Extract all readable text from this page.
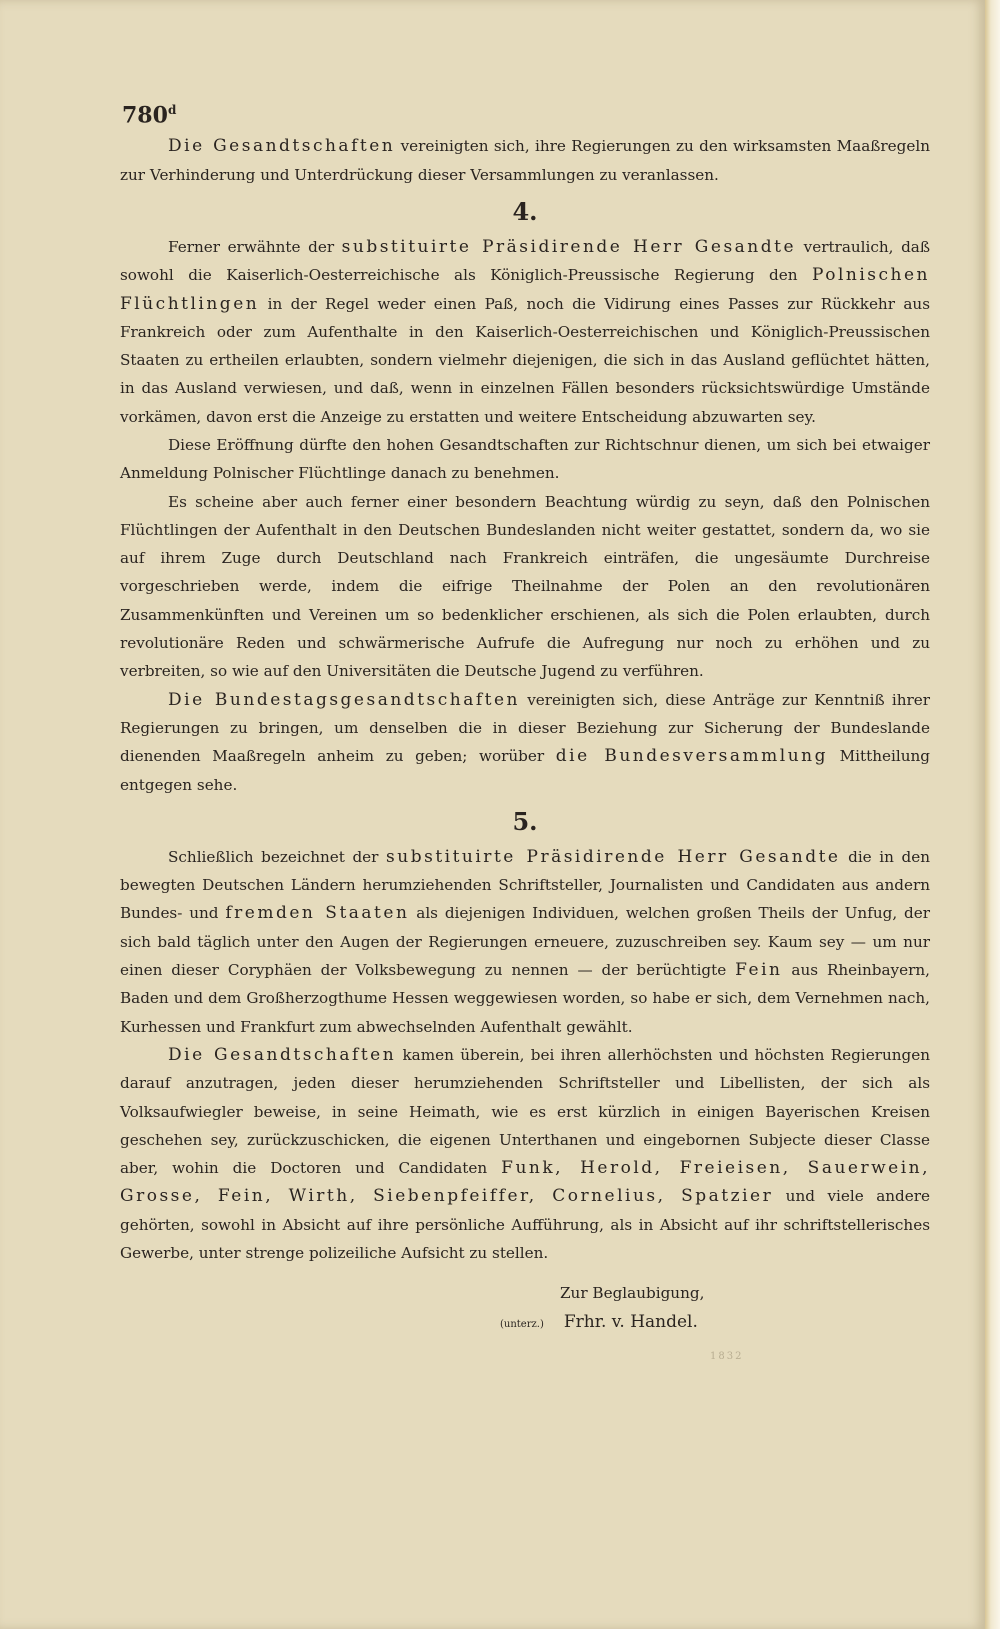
780$^d$

Die Gesandtschaften vereinigten sich, ihre Regierungen zu den wirksamsten Maaßregeln zur Verhinderung und Unterdrückung dieser Versammlungen zu veranlassen.

4.

Ferner erwähnte der substituirte Präsidirende Herr Gesandte vertraulich, daß sowohl die Kaiserlich-Oesterreichische als Königlich-Preussische Regierung den Polnischen Flüchtlingen in der Regel weder einen Paß, noch die Vidirung eines Passes zur Rückkehr aus Frankreich oder zum Aufenthalte in den Kaiserlich-Oesterreichischen und Königlich-Preussischen Staaten zu ertheilen erlaubten, sondern vielmehr diejenigen, die sich in das Ausland geflüchtet hätten, in das Ausland verwiesen, und daß, wenn in einzelnen Fällen besonders rücksichtswürdige Umstände vorkämen, davon erst die Anzeige zu erstatten und weitere Entscheidung abzuwarten sey.

Diese Eröffnung dürfte den hohen Gesandtschaften zur Richtschnur dienen, um sich bei etwaiger Anmeldung Polnischer Flüchtlinge danach zu benehmen.

Es scheine aber auch ferner einer besondern Beachtung würdig zu seyn, daß den Polnischen Flüchtlingen der Aufenthalt in den Deutschen Bundeslanden nicht weiter gestattet, sondern da, wo sie auf ihrem Zuge durch Deutschland nach Frankreich einträfen, die ungesäumte Durchreise vorgeschrieben werde, indem die eifrige Theilnahme der Polen an den revolutionären Zusammenkünften und Vereinen um so bedenklicher erschienen, als sich die Polen erlaubten, durch revolutionäre Reden und schwärmerische Aufrufe die Aufregung nur noch zu erhöhen und zu verbreiten, so wie auf den Universitäten die Deutsche Jugend zu verführen.

Die Bundestagsgesandtschaften vereinigten sich, diese Anträge zur Kenntniß ihrer Regierungen zu bringen, um denselben die in dieser Beziehung zur Sicherung der Bundeslande dienenden Maaßregeln anheim zu geben; worüber die Bundesversammlung Mittheilung entgegen sehe.

5.

Schließlich bezeichnet der substituirte Präsidirende Herr Gesandte die in den bewegten Deutschen Ländern herumziehenden Schriftsteller, Journalisten und Candidaten aus andern Bundes- und fremden Staaten als diejenigen Individuen, welchen großen Theils der Unfug, der sich bald täglich unter den Augen der Regierungen erneuere, zuzuschreiben sey. Kaum sey — um nur einen dieser Coryphäen der Volksbewegung zu nennen — der berüchtigte Fein aus Rheinbayern, Baden und dem Großherzogthume Hessen weggewiesen worden, so habe er sich, dem Vernehmen nach, Kurhessen und Frankfurt zum abwechselnden Aufenthalt gewählt.

Die Gesandtschaften kamen überein, bei ihren allerhöchsten und höchsten Regierungen darauf anzutragen, jeden dieser herumziehenden Schriftsteller und Libellisten, der sich als Volksaufwiegler beweise, in seine Heimath, wie es erst kürzlich in einigen Bayerischen Kreisen geschehen sey, zurückzuschicken, die eigenen Unterthanen und eingebornen Subjecte dieser Classe aber, wohin die Doctoren und Candidaten Funk, Herold, Freieisen, Sauerwein, Grosse, Fein, Wirth, Siebenpfeiffer, Cornelius, Spatzier und viele andere gehörten, sowohl in Absicht auf ihre persönliche Aufführung, als in Absicht auf ihr schriftstellerisches Gewerbe, unter strenge polizeiliche Aufsicht zu stellen.

Zur Beglaubigung,

(unterz.) Frhr. v. Handel.

1832
